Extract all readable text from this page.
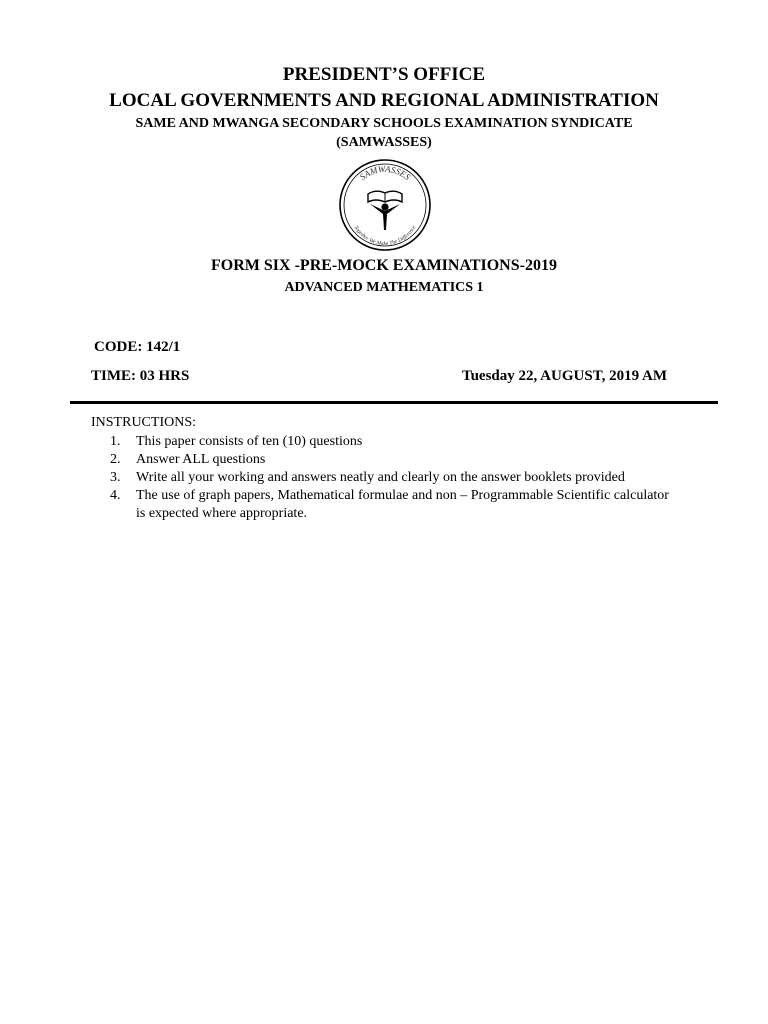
PRESIDENT’S OFFICE
LOCAL GOVERNMENTS AND REGIONAL ADMINISTRATION
SAME AND MWANGA SECONDARY SCHOOLS EXAMINATION SYNDICATE
(SAMWASSES)
SAMWASSES
Together We Make The Difference
FORM SIX -PRE-MOCK EXAMINATIONS-2019
ADVANCED MATHEMATICS 1
CODE: 142/1
TIME: 03 HRS	Tuesday 22, AUGUST, 2019 AM
INSTRUCTIONS:
1.	This paper consists of ten (10) questions
2.	Answer ALL questions
3.	Write all your working and answers neatly and clearly on the answer booklets provided
4.	The use of graph papers, Mathematical formulae and non – Programmable Scientific calculator is expected where appropriate.
